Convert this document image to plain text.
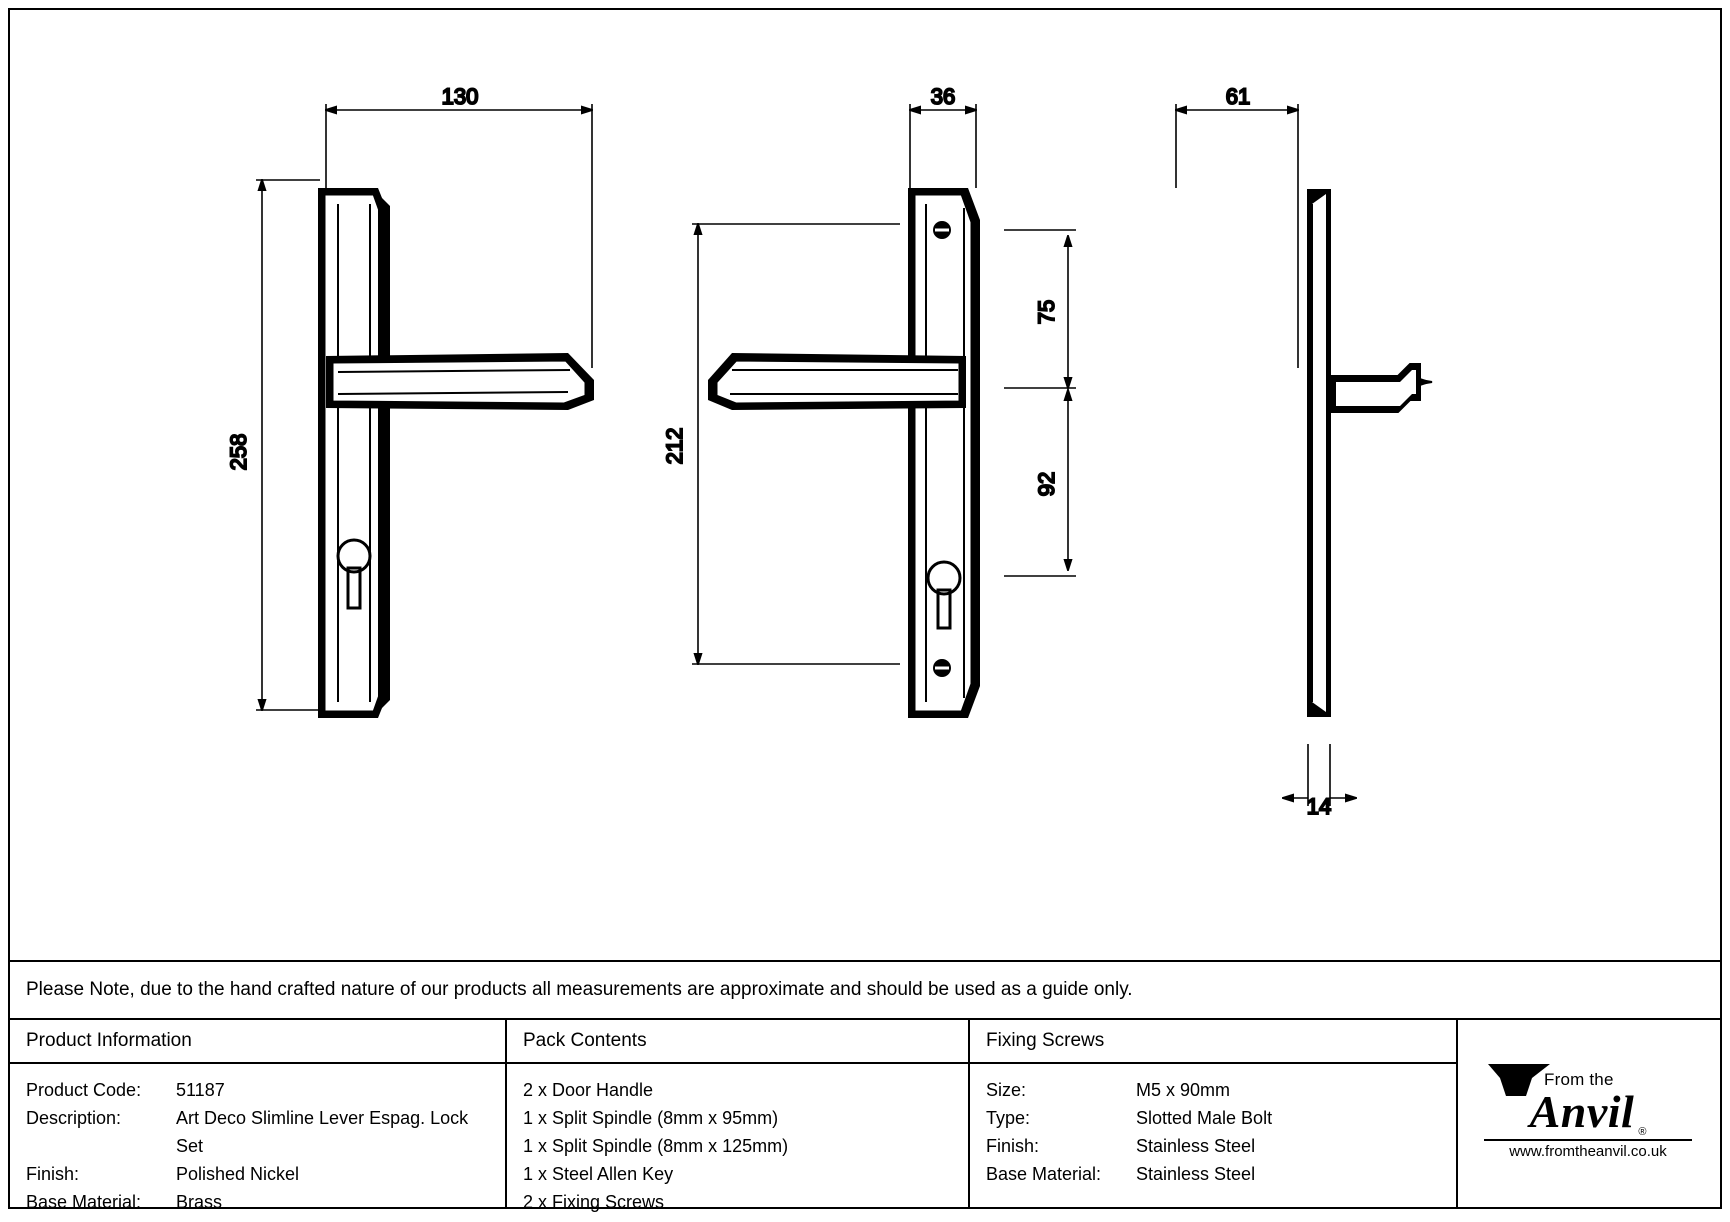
130	36	61
258	212
75
92
14
Please Note, due to the hand crafted nature of our products all measurements are approximate and should be used as a guide only.
Product Information
Product Code:	51187
Description:	Art Deco Slimline Lever Espag. Lock Set
Finish:	Polished Nickel
Base Material:	Brass
Pack Contents
2 x Door Handle
1 x Split Spindle (8mm x 95mm)
1 x Split Spindle (8mm x 125mm)
1 x Steel Allen Key
2 x Fixing Screws
Fixing Screws
Size:	M5 x 90mm
Type:	Slotted Male Bolt
Finish:	Stainless Steel
Base Material:	Stainless Steel
From the
Anvil ®
www.fromtheanvil.co.uk
